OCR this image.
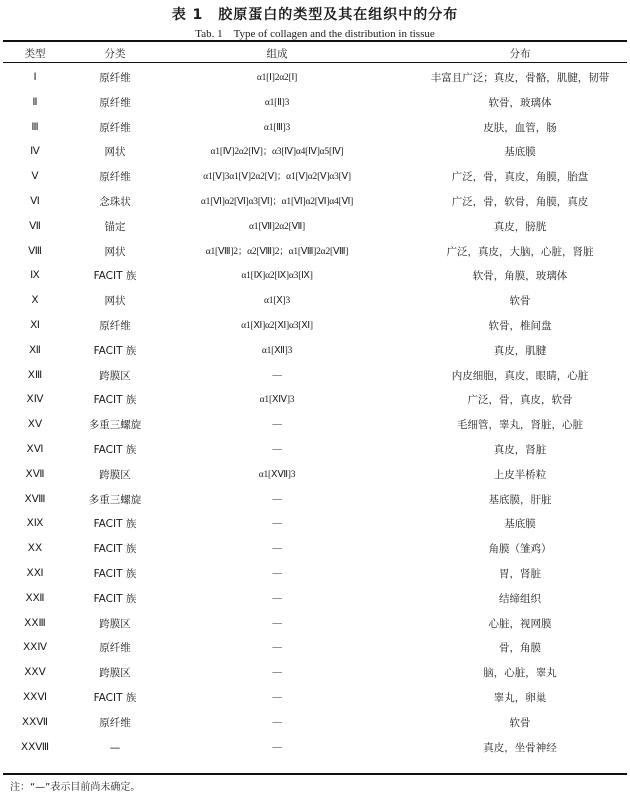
表 1　胶原蛋白的类型及其在组织中的分布
Tab. 1　Type of collagen and the distribution in tissue
类型	分类	组成	分布
Ⅰ	原纤维	α1[Ⅰ]2α2[Ⅰ]	丰富且广泛；真皮，骨骼，肌腱，韧带
Ⅱ	原纤维	α1[Ⅱ]3	软骨，玻璃体
Ⅲ	原纤维	α1[Ⅲ]3	皮肤，血管，肠
Ⅳ	网状	α1[Ⅳ]2α2[Ⅳ]；α3[Ⅳ]α4[Ⅳ]α5[Ⅳ]	基底膜
Ⅴ	原纤维	α1[Ⅴ]3α1[Ⅴ]2α2[Ⅴ]；α1[Ⅴ]α2[Ⅴ]α3[Ⅴ]	广泛，骨，真皮，角膜，胎盘
Ⅵ	念珠状	α1[Ⅵ]α2[Ⅵ]α3[Ⅵ]；α1[Ⅵ]α2[Ⅵ]α4[Ⅵ]	广泛，骨，软骨，角膜，真皮
Ⅶ	锚定	α1[Ⅶ]2α2[Ⅶ]	真皮，膀胱
Ⅷ	网状	α1[Ⅷ]2；α2[Ⅷ]2；α1[Ⅷ]2α2[Ⅷ]	广泛，真皮，大脑，心脏，肾脏
Ⅸ	FACIT 族	α1[Ⅸ]α2[Ⅸ]α3[Ⅸ]	软骨，角膜，玻璃体
Ⅹ	网状	α1[Ⅹ]3	软骨
Ⅺ	原纤维	α1[Ⅺ]α2[Ⅺ]α3[Ⅺ]	软骨，椎间盘
Ⅻ	FACIT 族	α1[Ⅻ]3	真皮，肌腱
ⅩⅢ	跨膜区	—	内皮细胞，真皮，眼睛，心脏
ⅩⅣ	FACIT 族	α1[ⅩⅣ]3	广泛，骨，真皮，软骨
ⅩⅤ	多重三螺旋	—	毛细管，睾丸，肾脏，心脏
ⅩⅥ	FACIT 族	—	真皮，肾脏
ⅩⅦ	跨膜区	α1[ⅩⅦ]3	上皮半桥粒
ⅩⅧ	多重三螺旋	—	基底膜，肝脏
ⅩⅨ	FACIT 族	—	基底膜
ⅩⅩ	FACIT 族	—	角膜（雏鸡）
ⅩⅪ	FACIT 族	—	胃，肾脏
ⅩⅫ	FACIT 族	—	结缔组织
ⅩⅩⅢ	跨膜区	—	心脏，视网膜
ⅩⅩⅣ	原纤维	—	骨，角膜
ⅩⅩⅤ	跨膜区	—	脑，心脏，睾丸
ⅩⅩⅥ	FACIT 族	—	睾丸，卵巢
ⅩⅩⅦ	原纤维	—	软骨
ⅩⅩⅧ	—	—	真皮，坐骨神经
注：“—”表示目前尚未确定。
